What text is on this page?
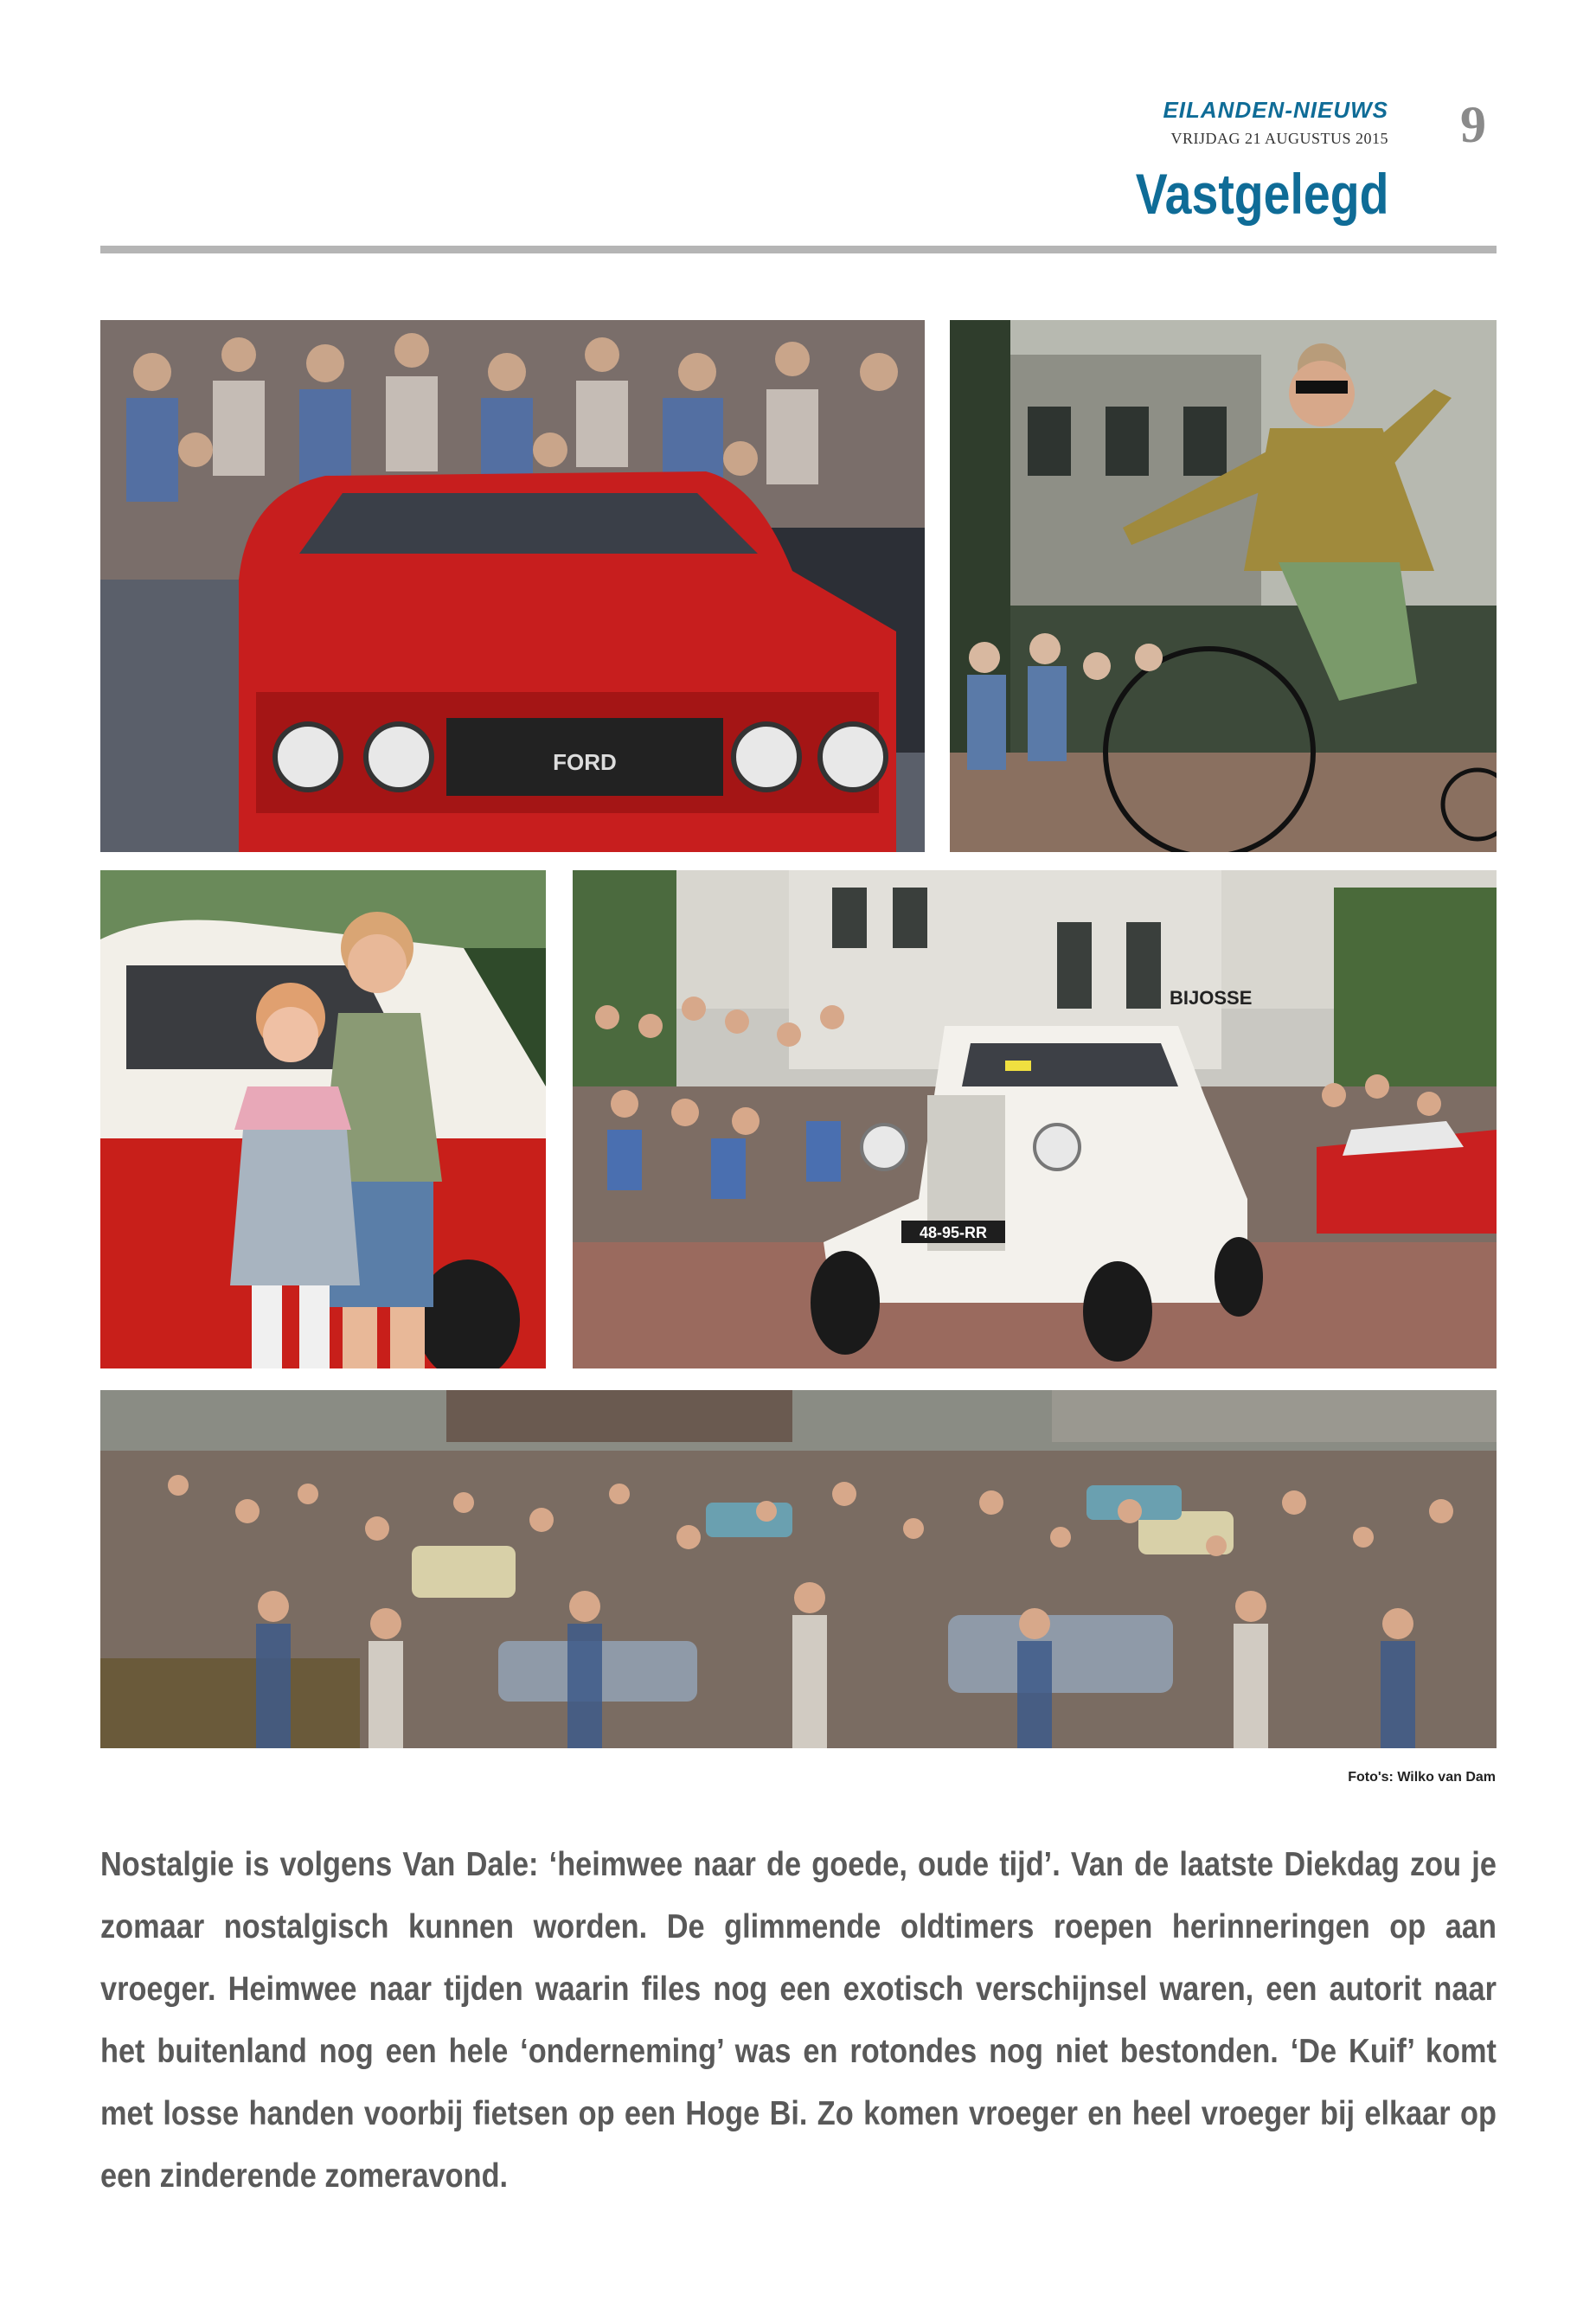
EILANDEN-NIEUWS
VRIJDAG 21 AUGUSTUS 2015 9
Vastgelegd
FORD
BIJOSSE
48-95-RR
Foto's: Wilko van Dam
Nostalgie is volgens Van Dale: ‘heimwee naar de goede, oude tijd’. Van de laatste Diekdag zou je zomaar nostalgisch kunnen worden. De glimmende oldtimers roepen herinneringen op aan vroeger. Heimwee naar tijden waarin files nog een exotisch verschijnsel waren, een autorit naar het buitenland nog een hele ‘onderneming’ was en rotondes nog niet bestonden. ‘De Kuif’ komt met losse handen voorbij fietsen op een Hoge Bi. Zo komen vroeger en heel vroeger bij elkaar op een zinderende zomeravond.
